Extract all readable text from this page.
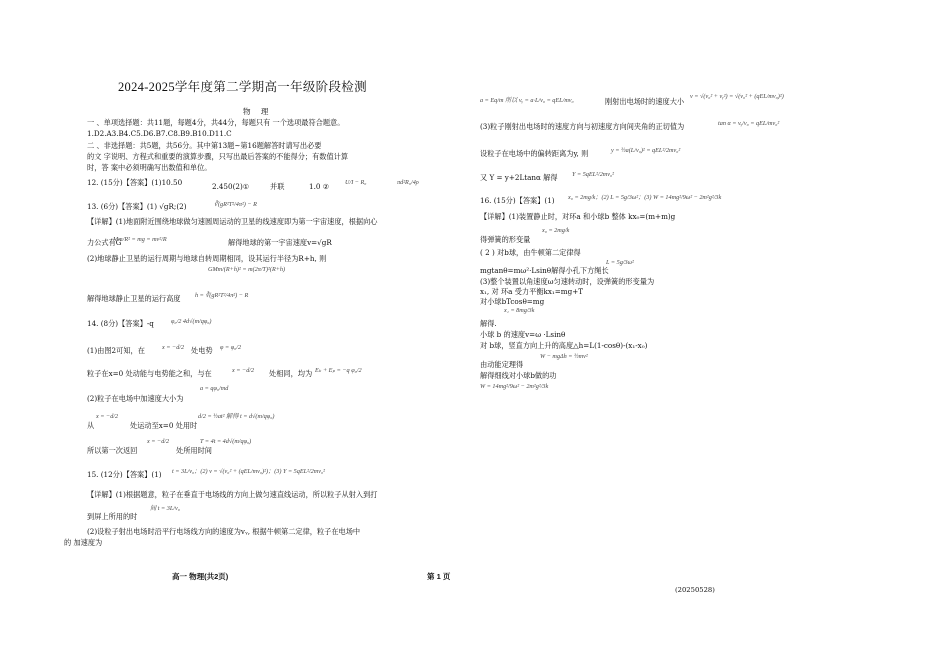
2024-2025学年度第二学期高一年级阶段检测
物 理
一 、单项选择题：共11题，每题4分，共44分，每题只有 一个选项最符合题意。
1.D2.A3.B4.C5.D6.B7.C8.B9.B10.D11.C
二 、非选择题：共5题，共56分。其中第13题~第16题解答时请写出必要
的文 字说明、方程式和重要的演算步骤，只写出最后答案的不能得分；有数值计算
时，答 案中必须明确写出数值和单位。
12. (15分)【答案】(1)10.50	2.450(2)①	并联	1.0 ②	U/I − R₀	πd²R₀/4ρ
13. (6分)【答案】(1) √gR;(2)	∛(gR²T²/4π²) − R
【详解】(1)地面附近围绕地球做匀速圆周运动的卫星的线速度即为第一宇宙速度，根据向心
力公式有G
Mm/R² = mg = mv²/R	解得地球的第一宇宙速度v=√gR
(2)地球静止卫星的运行周期与地球自转周期相同，设其运行半径为R+h, 则
GMm/(R+h)² = m(2π/T)²(R+h)
解得地球静止卫星的运行高度 h = ∛(gR²T²/4π²) − R
14. (8分)【答案】-q	φ₀/2 4d√(m/qφ₀)
(1)由图2可知，在	x = −d/2 处电势 φ = φ₀/2
粒子在x=0 处动能与电势能之和，与在	x = −d/2 处相同，均为 Eₖ + Eₚ = −q φ₀/2
(2)粒子在电场中加速度大小为
a = qφ₀/md
从
x = −d/2
处运动至x=0 处用时
d/2 = ½at² 解得 t = d√(m/qφ₀)
所以第一次返回
x = −d/2
处所用时间
T = 4t = 4d√(m/qφ₀)
15. (12分)【答案】(1) t = 3L/v₀；(2) v = √(v₀² + (qEL/mv₀)²)；(3) Y = 5qEL²/2mv₀²
【详解】(1)根据题意，粒子在垂直于电场线的方向上做匀速直线运动，所以粒子从射入到打
到屏上所用的时
间 t = 3L/v₀
(2)设粒子射出电场时沿平行电场线方向的速度为vᵧ, 根据牛顿第二定律，粒子在电场中
的 加速度为
a = Eq/m 所以 vᵧ = a·L/v₀ = qEL/mv₀	刚射出电场时的速度大小
v = √(v₀² + vᵧ²) = √(v₀² + (qEL/mv₀)²)
(3)粒子刚射出电场时的速度方向与初速度方向间夹角的正切值为	tan α = vᵧ/v₀ = qEL/mv₀²
设粒子在电场中的偏转距离为y, 则	y = ½a(L/v₀)² = qEL²/2mv₀²
又 Y = y+2Ltanα 解得 Y = 5qEL²/2mv₀²
16. (15分)【答案】(1) x₀ = 2mg/k；(2) L = 5g/3ω²；(3) W = 14mg²/9ω² − 2m²g²/3k
【详解】(1)装置静止时，对环a 和小球b 整体 kx₀=(m+m)g
得弹簧的形变量
x₀ = 2mg/k
( 2 ) 对b球，由牛顿第二定律得
mgtanθ=mω²·Lsinθ解得小孔下方绳长
L = 5g/3ω²
(3)整个装置以角速度ω匀速转动时，设弹簧的形变量为
x₁, 对 环a 受力平衡kx₁=mg+T
对小球bTcosθ=mg
x₁ = 8mg/3k
解得.
小球 b 的速度v=ω ·Lsinθ
对 b球，竖直方向上升的高度△h=L(1-cosθ)-(x₁-x₀)
W − mgΔh = ½mv²
由动能定理得
解得细线对小球b做的功
W = 14mg²/9ω² − 2m²g²/3k
高一 物理(共2页)	第 1 页
(20250528)
